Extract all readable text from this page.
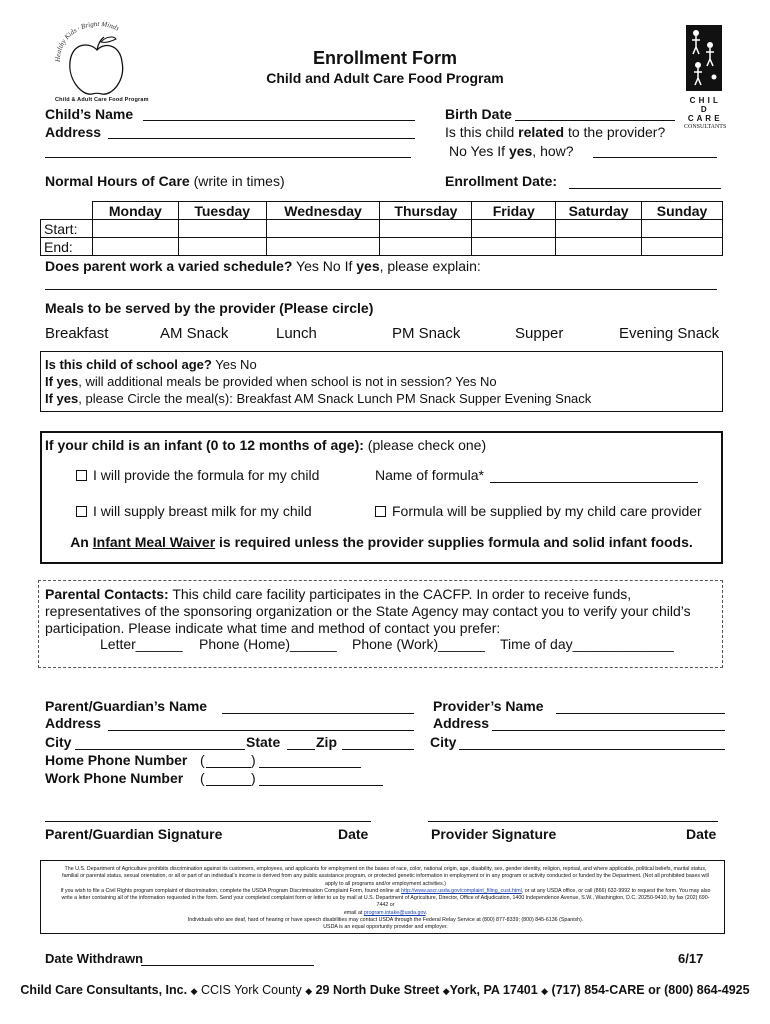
Healthy Kids · Bright Minds
Child & Adult Care Food Program
Enrollment Form
Child and Adult Care Food Program
C H I L D
C A R E
CONSULTANTS
Child’s Name
Address
Birth Date
Is this child related to the provider?
No Yes If yes, how?
Normal Hours of Care (write in times)	Enrollment Date:
	Monday	Tuesday	Wednesday	Thursday	Friday	Saturday	Sunday
Start:							
End:							
Does parent work a varied schedule? Yes No If yes, please explain:
Meals to be served by the provider (Please circle)
Breakfast	AM Snack	Lunch	PM Snack	Supper	Evening Snack
Is this child of school age? Yes No
If yes, will additional meals be provided when school is not in session? Yes No
If yes, please Circle the meal(s): Breakfast AM Snack Lunch PM Snack Supper Evening Snack
If your child is an infant (0 to 12 months of age): (please check one)
I will provide the formula for my child	Name of formula*
I will supply breast milk for my child	Formula will be supplied by my child care provider
An Infant Meal Waiver is required unless the provider supplies formula and solid infant foods.
Parental Contacts: This child care facility participates in the CACFP. In order to receive funds, representatives of the sponsoring organization or the State Agency may contact you to verify your child’s participation. Please indicate what time and method of contact you prefer:
Letter______ Phone (Home)______ Phone (Work)______ Time of day_____________
Parent/Guardian’s Name
Address
City	State	Zip
Home Phone Number (	)
Work Phone Number (	)
Provider’s Name
Address
City
Parent/Guardian Signature	Date	Provider Signature	Date
The U.S. Department of Agriculture prohibits discrimination against its customers, employees, and applicants for employment on the bases of race, color, national origin, age, disability, sex, gender identity, religion, reprisal, and where applicable, political beliefs, marital status, familial or parental status, sexual orientation, or all or part of an individual’s income is derived from any public assistance program, or protected genetic information in employment or in any program or activity conducted or funded by the Department. (Not all prohibited bases will apply to all programs and/or employment activities.)
If you wish to file a Civil Rights program complaint of discrimination, complete the USDA Program Discrimination Complaint Form, found online at http://www.ascr.usda.gov/complaint_filing_cust.html, or at any USDA office, or call (866) 632-9992 to request the form. You may also write a letter containing all of the information requested in the form. Send your completed complaint form or letter to us by mail at U.S. Department of Agriculture, Director, Office of Adjudication, 1400 Independence Avenue, S.W., Washington, D.C. 20250-9410, by fax (202) 690-7442 or
email at program.intake@usda.gov.
Individuals who are deaf, hard of hearing or have speech disabilities may contact USDA through the Federal Relay Service at (800) 877-8339; (800) 845-6136 (Spanish).
USDA is an equal opportunity provider and employer.
Date Withdrawn	6/17
Child Care Consultants, Inc. ◆ CCIS York County ◆ 29 North Duke Street ◆York, PA 17401 ◆ (717) 854-CARE or (800) 864-4925
